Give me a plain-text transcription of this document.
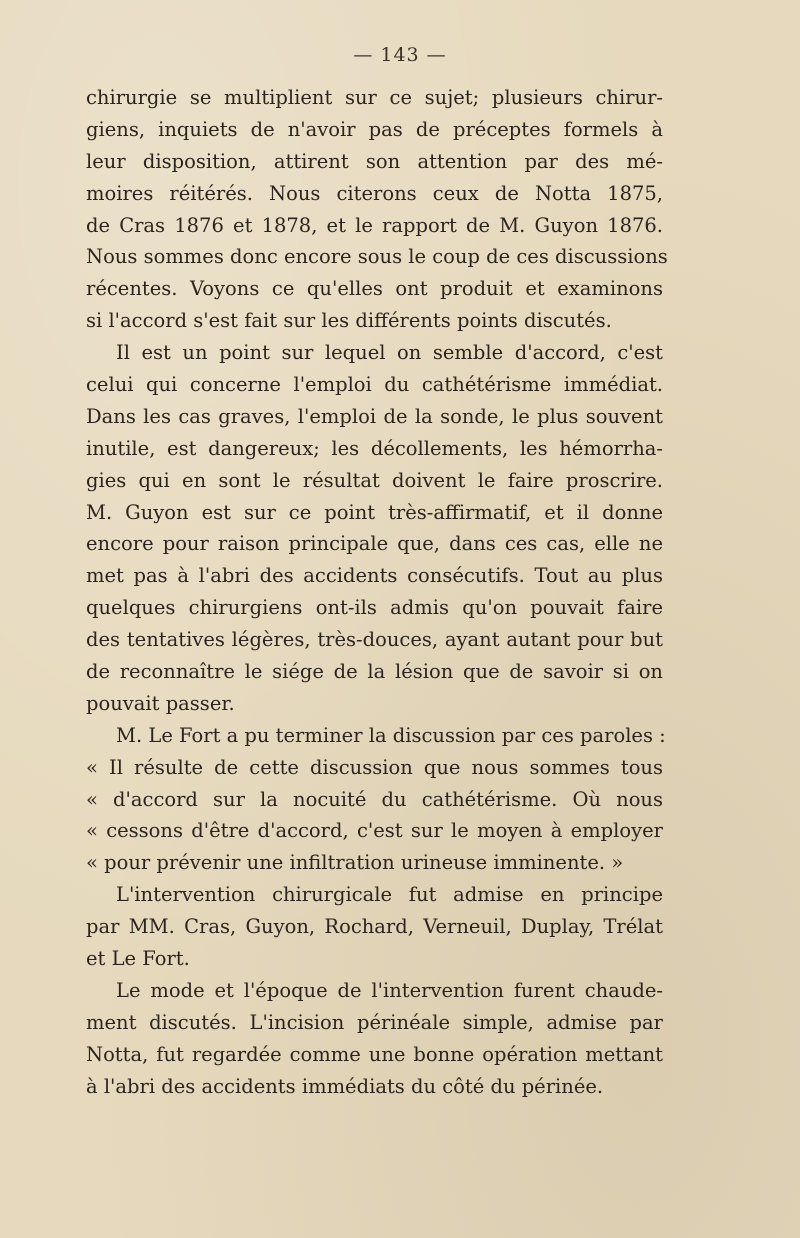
— 143 —
chirurgie se multiplient sur ce sujet; plusieurs chirur-
giens, inquiets de n'avoir pas de préceptes formels à
leur disposition, attirent son attention par des mé-
moires réitérés. Nous citerons ceux de Notta 1875,
de Cras 1876 et 1878, et le rapport de M. Guyon 1876.
Nous sommes donc encore sous le coup de ces discussions
récentes. Voyons ce qu'elles ont produit et examinons
si l'accord s'est fait sur les différents points discutés.
Il est un point sur lequel on semble d'accord, c'est
celui qui concerne l'emploi du cathétérisme immédiat.
Dans les cas graves, l'emploi de la sonde, le plus souvent
inutile, est dangereux; les décollements, les hémorrha-
gies qui en sont le résultat doivent le faire proscrire.
M. Guyon est sur ce point très-affirmatif, et il donne
encore pour raison principale que, dans ces cas, elle ne
met pas à l'abri des accidents consécutifs. Tout au plus
quelques chirurgiens ont-ils admis qu'on pouvait faire
des tentatives légères, très-douces, ayant autant pour but
de reconnaître le siége de la lésion que de savoir si on
pouvait passer.
M. Le Fort a pu terminer la discussion par ces paroles :
« Il résulte de cette discussion que nous sommes tous
« d'accord sur la nocuité du cathétérisme. Où nous
« cessons d'être d'accord, c'est sur le moyen à employer
« pour prévenir une infiltration urineuse imminente. »
L'intervention chirurgicale fut admise en principe
par MM. Cras, Guyon, Rochard, Verneuil, Duplay, Trélat
et Le Fort.
Le mode et l'époque de l'intervention furent chaude-
ment discutés. L'incision périnéale simple, admise par
Notta, fut regardée comme une bonne opération mettant
à l'abri des accidents immédiats du côté du périnée.
